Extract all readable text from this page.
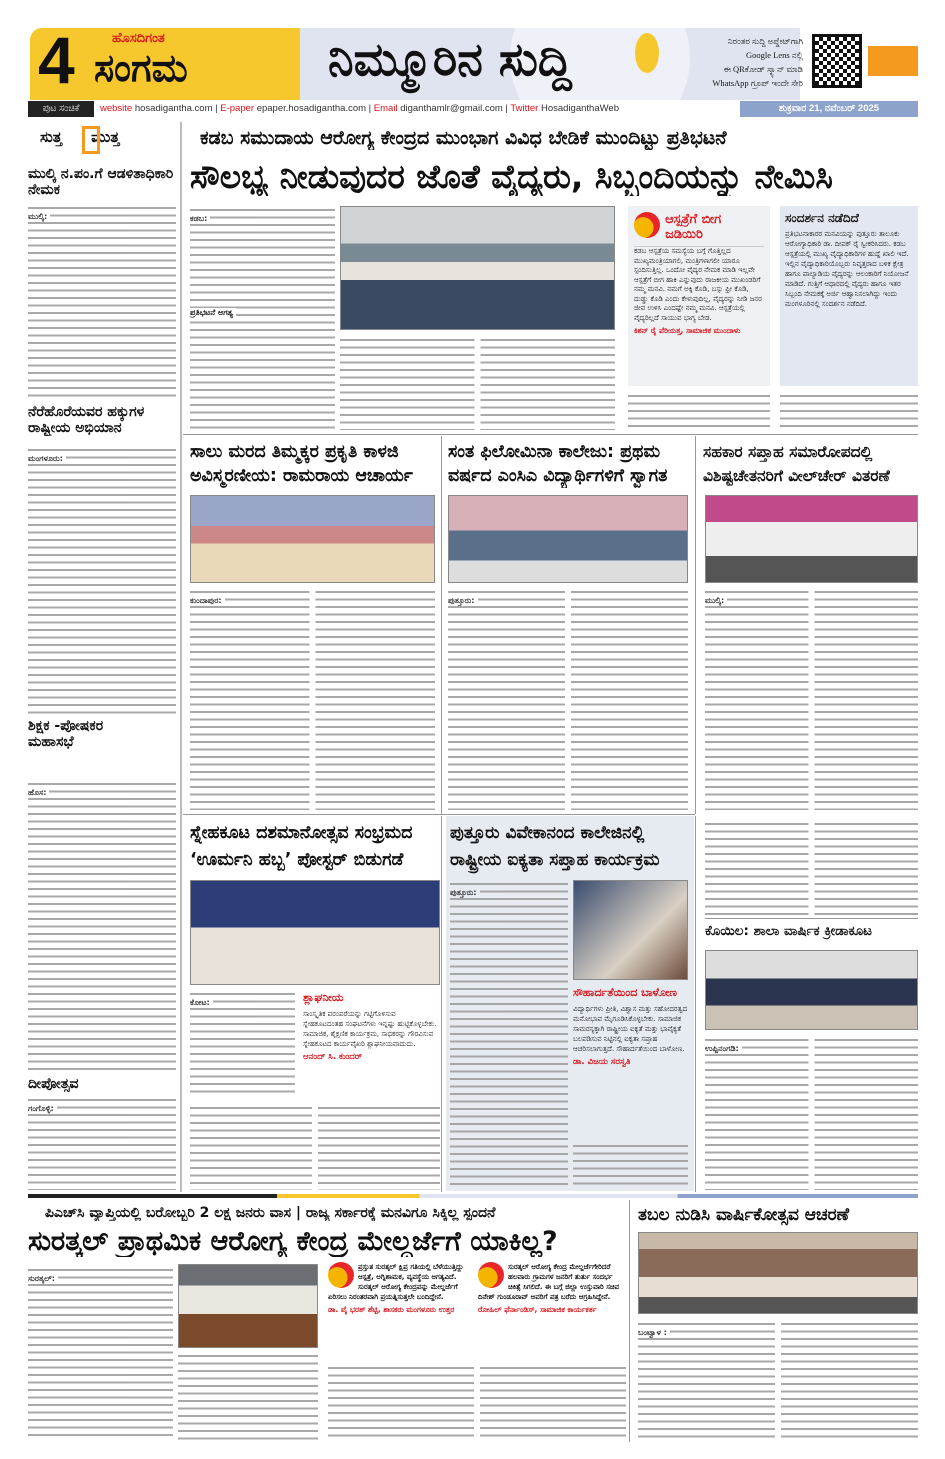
4	ಹೊಸದಿಗಂತ
ಸಂಗಮ	ನಿಮ್ಮೂರಿನ ಸುದ್ದಿ	ನಿರಂತರ ಸುದ್ದಿ ಅಪ್ಡೇಟ್‌ಗಾಗಿ
Google Lens ನಲ್ಲಿ
ಈ QRಕೋಡ್ ಸ್ಕ್ಯಾನ್ ಮಾಡಿ
WhatsApp ಗ್ರೂಪ್ ಇಂದೇ ಸೇರಿ
ಪುಟ ಸಂಚಿಕೆ	website hosadigantha.com | E-paper epaper.hosadigantha.com | Email diganthamlr@gmail.com | Twitter HosadiganthaWeb	ಶುಕ್ರವಾರ 21, ನವೆಂಬರ್ 2025
ಸುತ್ತ ಮುತ್ತ
ಮುಲ್ಕಿ ನ.ಪಂ.ಗೆ ಆಡಳಿತಾಧಿಕಾರಿ ನೇಮಕ
ಮುಲ್ಕಿ:
ನೆರೆಹೊರೆಯವರ ಹಕ್ಕುಗಳ ರಾಷ್ಟ್ರೀಯ ಅಭಿಯಾನ
ಮಂಗಳೂರು:
ಶಿಕ್ಷಕ -ಪೋಷಕರ ಮಹಾಸಭೆ
ಹೊಸ:
ದೀಪೋತ್ಸವ
ಗಂಗೊಳ್ಳಿ:
ಕಡಬ ಸಮುದಾಯ ಆರೋಗ್ಯ ಕೇಂದ್ರದ ಮುಂಭಾಗ ವಿವಿಧ ಬೇಡಿಕೆ ಮುಂದಿಟ್ಟು ಪ್ರತಿಭಟನೆ
ಸೌಲಭ್ಯ ನೀಡುವುದರ ಜೊತೆ ವೈದ್ಯರು, ಸಿಬ್ಬಂದಿಯನ್ನು ನೇಮಿಸಿ
ಕಡಬ:
ಪ್ರತಿಭಟನೆ ಅಗತ್ಯ
ಆಸ್ಪತ್ರೆಗೆ ಬೀಗ ಜಡಿಯಿರಿ
ಕಡಬ ಆಸ್ಪತ್ರೆಯ ಸಮಸ್ಯೆಯ ಬಗ್ಗೆ ಗೊತ್ತಿಲ್ಲದ ಮುಖ್ಯಮಂತ್ರಿಯಾಗಲಿ, ಮಂತ್ರಿಗಳಾಗಲೀ ಯಾರೂ ಸ್ಪಂದಿಸುತ್ತಿಲ್ಲ. ಒಂದೋ ವೈದ್ಯರ ನೇಮಕ ಮಾಡಿ ಇಲ್ಲವೇ ಆಸ್ಪತ್ರೆಗೆ ಬೀಗ ಹಾಕಿ ಎನ್ನುವುದು ರಾಜಕೀಯ ಮುಖಂಡರಿಗೆ ನಮ್ಮ ಮನವಿ. ನಮಗೆ ಅಕ್ಕಿ ಕೊಡಿ, ಬಸ್ಸು ಫ್ರೀ ಕೊಡಿ, ದುಡ್ಡು ಕೊಡಿ ಎಂದು ಕೇಳುವುದಿಲ್ಲ, ವೈದ್ಯರನ್ನು ನೀಡಿ ಜನರ ಜೀವ ಉಳಿಸಿ ಎಂದಷ್ಟೇ ನಮ್ಮ ಮನವಿ. ಆಸ್ಪತ್ರೆಯಲ್ಲಿ ವೈದ್ಯರಿಲ್ಲದೆ ಸಾಯುವ ಭಾಗ್ಯ ಬೇಡ.
ಕಿಶನ್ ರೈ ಪೆರಿಯತ್ತ, ಸಾಮಾಜಿಕ ಮುಂದಾಳು
ಸಂದರ್ಶನ ನಡೆದಿದೆ
ಪ್ರತಿಭಟನಾಕಾರರ ಮನವಿಯನ್ನು ಪುತ್ತೂರು ತಾಲೂಕು ಆರೋಗ್ಯಾಧಿಕಾರಿ ಡಾ. ದೀಪಕ್ ರೈ ಸ್ವೀಕರಿಸಿದರು. ಕಡಬ ಆಸ್ಪತ್ರೆಯಲ್ಲಿ ಮುಖ್ಯ ವೈದ್ಯಾಧಿಕಾರಿಗಳ ಹುದ್ದೆ ಖಾಲಿ ಇದೆ. ಇಲ್ಲಿನ ವೈದ್ಯಾಧಿಕಾರಿಯೊಬ್ಬರು ನಿವೃತ್ತರಾದ ಬಳಿಕ ಕ್ಷೇತ್ರ ಹಾಗೂ ಪಾಲ್ಯಾಡಿಯ ವೈದ್ಯರನ್ನು ಆಲಂಕಾರಿಗೆ ನಿಯೋಜನೆ ಮಾಡಿದೆ. ಗುತ್ತಿಗೆ ಆಧಾರದಲ್ಲಿ ವೈದ್ಯರು ಹಾಗೂ ಇತರ ಸಿಬ್ಬಂದಿ ನೇಮಕಕ್ಕೆ ಅರ್ಜಿ ಆಹ್ವಾನಿಸಲಾಗಿದ್ದು ಇಂದು ಮಂಗಳೂರಿನಲ್ಲಿ ಸಂದರ್ಶನ ನಡೆದಿದೆ.
ಸಾಲು ಮರದ ತಿಮ್ಮಕ್ಕರ ಪ್ರಕೃತಿ ಕಾಳಜಿ
ಅವಿಸ್ಮರಣೀಯ: ರಾಮರಾಯ ಆಚಾರ್ಯ
ಕುಂದಾಪುರ:
ಸಂತ ಫಿಲೋಮಿನಾ ಕಾಲೇಜು: ಪ್ರಥಮ
ವರ್ಷದ ಎಂಸಿಎ ವಿದ್ಯಾರ್ಥಿಗಳಿಗೆ ಸ್ವಾಗತ
ಪುತ್ತೂರು:
ಸಹಕಾರ ಸಪ್ತಾಹ ಸಮಾರೋಪದಲ್ಲಿ
ವಿಶಿಷ್ಟಚೇತನರಿಗೆ ವೀಲ್‌ಚೇರ್ ವಿತರಣೆ
ಮುಲ್ಕಿ:
ಸ್ನೇಹಕೂಟ ದಶಮಾನೋತ್ಸವ ಸಂಭ್ರಮದ
‘ಊರ್ಮನಿ ಹಬ್ಬ’ ಪೋಸ್ಟರ್ ಬಿಡುಗಡೆ
ಕೋಟ:	ಶ್ಲಾಘನೀಯ
ಸಾಂಸ್ಕೃತಿಕ ಪರಂಪರೆಯನ್ನು ಗಟ್ಟಿಗೊಳಿಸುವ ಸ್ನೇಹಕೂಟದಂತಹ ಸಂಘಟನೆಗಳು ಇನ್ನಷ್ಟು ಹುಟ್ಟಿಕೊಳ್ಳಬೇಕು. ಸಾಮಾಜಿಕ, ಶೈಕ್ಷಣಿಕ ಕಾರ್ಯಕ್ರಮ, ಸಾಧಕರನ್ನು ಗೌರವಿಸುವ ಸ್ನೇಹಕೂಟದ ಕಾರ್ಯವೈಖರಿ ಶ್ಲಾಘನೀಯವಾದುದು.
ಆನಂದ್ ಸಿ. ಕುಂದರ್
ಪುತ್ತೂರು ವಿವೇಕಾನಂದ ಕಾಲೇಜಿನಲ್ಲಿ
ರಾಷ್ಟ್ರೀಯ ಐಕ್ಯತಾ ಸಪ್ತಾಹ ಕಾರ್ಯಕ್ರಮ
ಪುತ್ತೂರು:
ಸೌಹಾರ್ದತೆಯಿಂದ ಬಾಳೋಣ
ವಿದ್ಯಾರ್ಥಿಗಳು ಪ್ರೀತಿ, ವಿಶ್ವಾಸ ಮತ್ತು ಸಹೋದರತ್ವದ ಮನೋಭಾವ ಮೈಗೂಡಿಸಿಕೊಳ್ಳಬೇಕು. ಸಾಮಾಜಿಕ ಸಾಮರಸ್ಯಕ್ಕಾಗಿ ರಾಷ್ಟ್ರೀಯ ಐಕ್ಯತೆ ಮತ್ತು ಭಾವೈಕ್ಯತೆ ಬಲಪಡಿಸುವ ನಿಟ್ಟಿನಲ್ಲಿ ಐಕ್ಯತಾ ಸಪ್ತಾಹ ಆಚರಿಸಲಾಗುತ್ತದೆ. ಸೌಹಾರ್ದತೆಯಿಂದ ಬಾಳೋಣ.
ಡಾ. ವಿಜಯ ಸರಸ್ವತಿ
ಕೊಯಿಲ: ಶಾಲಾ ವಾರ್ಷಿಕ ಕ್ರೀಡಾಕೂಟ
ಉಪ್ಪಿನಂಗಡಿ:
ಪಿಎಚ್‌ಸಿ ವ್ಯಾಪ್ತಿಯಲ್ಲಿ ಬರೋಬ್ಬರಿ 2 ಲಕ್ಷ ಜನರು ವಾಸ | ರಾಜ್ಯ ಸರ್ಕಾರಕ್ಕೆ ಮನವಿಗೂ ಸಿಕ್ಕಿಲ್ಲ ಸ್ಪಂದನೆ
ಸುರತ್ಕಲ್ ಪ್ರಾಥಮಿಕ ಆರೋಗ್ಯ ಕೇಂದ್ರ ಮೇಲ್ದರ್ಜೆಗೆ ಯಾಕಿಲ್ಲ?
ಸುರತ್ಕಲ್:
ಪ್ರಸ್ತುತ ಸುರತ್ಕಲ್ ಕ್ಷಿಪ್ರ ಗತಿಯಲ್ಲಿ ಬೆಳೆಯುತ್ತಿದ್ದು ಆಸ್ಪತ್ರೆ, ಅಗ್ನಿಶಾಮಕ, ವ್ಯವಸ್ಥೆಯ ಅಗತ್ಯವಿದೆ. ಸುರತ್ಕಲ್ ಆರೋಗ್ಯ ಕೇಂದ್ರವನ್ನು ಮೇಲ್ದರ್ಜೆಗೆ ಏರಿಸಲು ನಿರಂತರವಾಗಿ ಪ್ರಯತ್ನಿಸುತ್ತಲೇ ಬಂದಿದ್ದೇನೆ.
ಡಾ. ವೈ ಭರತ್ ಶೆಟ್ಟಿ, ಶಾಸಕರು ಮಂಗಳೂರು ಉತ್ತರ
ಸುರತ್ಕಲ್ ಆರೋಗ್ಯ ಕೇಂದ್ರ ಮೇಲ್ದರ್ಜೆಗೇರಿದರೆ ಹಲವಾರು ಗ್ರಾಮಗಳ ಜನರಿಗೆ ತುರ್ತು ಸಂದರ್ಭ ಚಿಕಿತ್ಸೆ ಸಿಗಲಿದೆ. ಈ ಬಗ್ಗೆ ಜಿಲ್ಲಾ ಉಸ್ತುವಾರಿ ಸಚಿವ ದಿನೇಶ್ ಗುಂಡೂರಾವ್ ಅವರಿಗೆ ಪತ್ರ ಬರೆದು ಆಗ್ರಹಿಸಿದ್ದೇನೆ.
ರೋಹಿಲ್ ಫೆರ್ನಾಂಡಿಸ್, ಸಾಮಾಜಿಕ ಕಾರ್ಯಕರ್ತ
ತಬಲ ನುಡಿಸಿ ವಾರ್ಷಿಕೋತ್ಸವ ಆಚರಣೆ
ಬಂಟ್ವಾಳ :
